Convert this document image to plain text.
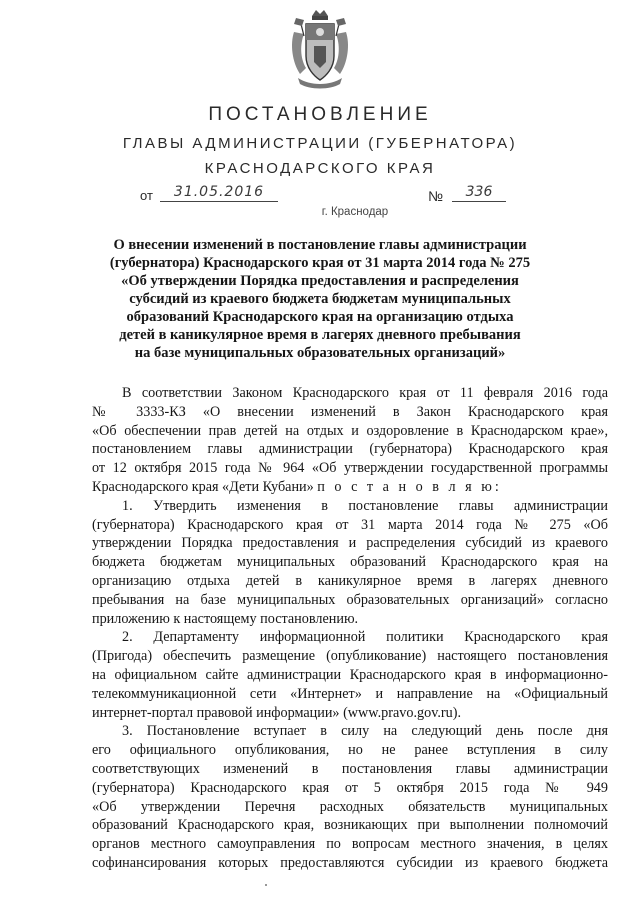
ПОСТАНОВЛЕНИЕ
ГЛАВЫ АДМИНИСТРАЦИИ (ГУБЕРНАТОРА)
КРАСНОДАРСКОГО КРАЯ
от	31.05.2016	№	336
г. Краснодар
О внесении изменений в постановление главы администрации
(губернатора) Краснодарского края от 31 марта 2014 года № 275
«Об утверждении Порядка предоставления и распределения
субсидий из краевого бюджета бюджетам муниципальных
образований Краснодарского края на организацию отдыха
детей в каникулярное время в лагерях дневного пребывания
на базе муниципальных образовательных организаций»

В соответствии Законом Краснодарского края от 11 февраля 2016 года
№ 3333-КЗ «О внесении изменений в Закон Краснодарского края
«Об обеспечении прав детей на отдых и оздоровление в Краснодарском крае»,
постановлением главы администрации (губернатора) Краснодарского края
от 12 октября 2015 года № 964 «Об утверждении государственной программы
Краснодарского края «Дети Кубани» п о с т а н о в л я ю:

1. Утвердить изменения в постановление главы администрации
(губернатора) Краснодарского края от 31 марта 2014 года № 275 «Об
утверждении Порядка предоставления и распределения субсидий из краевого
бюджета бюджетам муниципальных образований Краснодарского края на
организацию отдыха детей в каникулярное время в лагерях дневного
пребывания на базе муниципальных образовательных организаций» согласно
приложению к настоящему постановлению.

2. Департаменту информационной политики Краснодарского края
(Пригода) обеспечить размещение (опубликование) настоящего постановления
на официальном сайте администрации Краснодарского края в информационно-
телекоммуникационной сети «Интернет» и направление на «Официальный
интернет-портал правовой информации» (www.pravo.gov.ru).

3. Постановление вступает в силу на следующий день после дня
его официального опубликования, но не ранее вступления в силу
соответствующих изменений в постановления главы администрации
(губернатора) Краснодарского края от 5 октября 2015 года № 949
«Об утверждении Перечня расходных обязательств муниципальных
образований Краснодарского края, возникающих при выполнении полномочий
органов местного самоуправления по вопросам местного значения, в целях
софинансирования которых предоставляются субсидии из краевого бюджета
